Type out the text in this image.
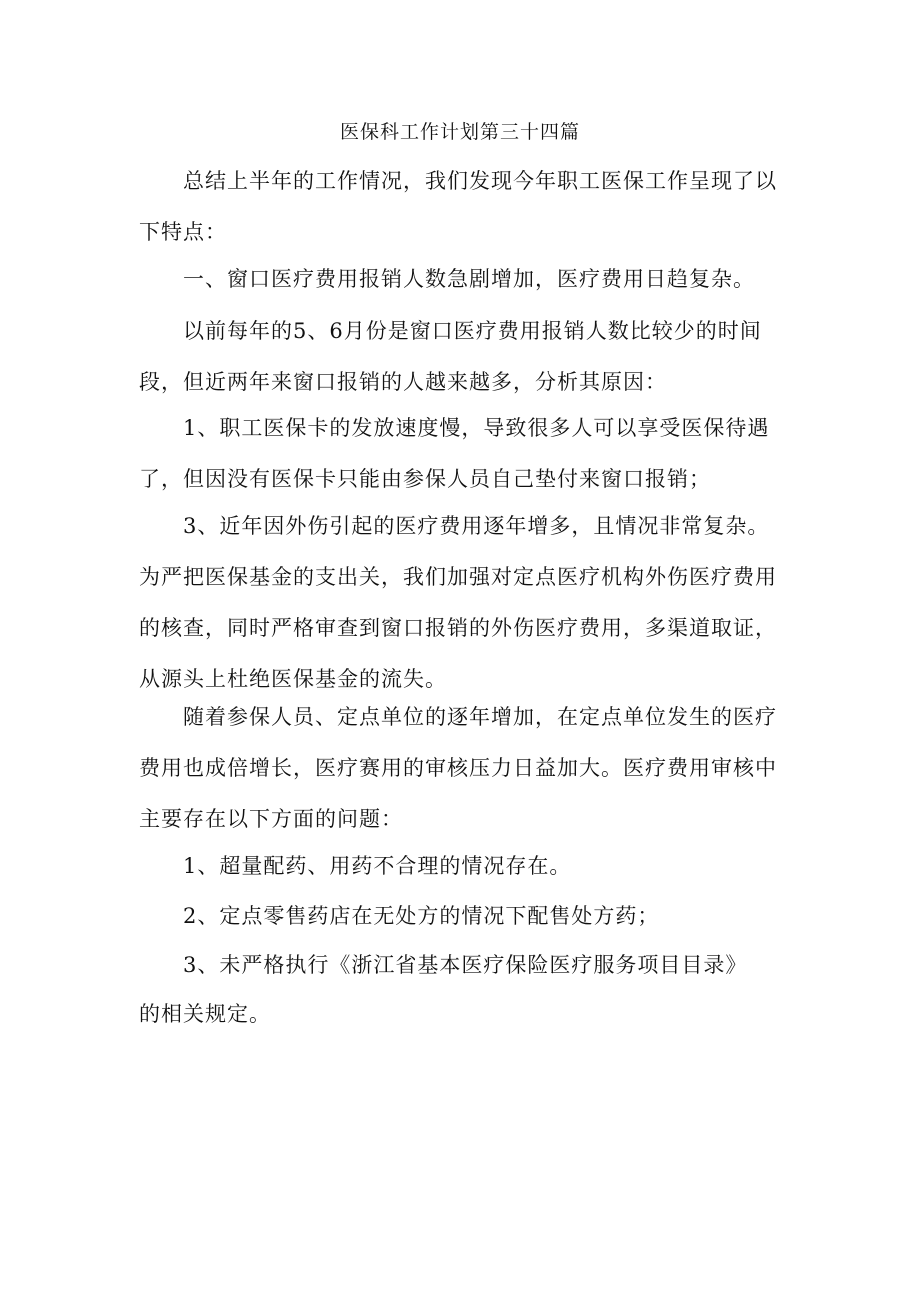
医保科工作计划第三十四篇

总结上半年的工作情况，我们发现今年职工医保工作呈现了以下特点：

一、窗口医疗费用报销人数急剧增加，医疗费用日趋复杂。

以前每年的5、6月份是窗口医疗费用报销人数比较少的时间段，但近两年来窗口报销的人越来越多，分析其原因：

1、职工医保卡的发放速度慢，导致很多人可以享受医保待遇了，但因没有医保卡只能由参保人员自己垫付来窗口报销；

3、近年因外伤引起的医疗费用逐年增多，且情况非常复杂。为严把医保基金的支出关，我们加强对定点医疗机构外伤医疗费用的核查，同时严格审查到窗口报销的外伤医疗费用，多渠道取证，从源头上杜绝医保基金的流失。

随着参保人员、定点单位的逐年增加，在定点单位发生的医疗费用也成倍增长，医疗赛用的审核压力日益加大。医疗费用审核中主要存在以下方面的问题：

1、超量配药、用药不合理的情况存在。

2、定点零售药店在无处方的情况下配售处方药；

3、未严格执行《浙江省基本医疗保险医疗服务项目目录》

的相关规定。
